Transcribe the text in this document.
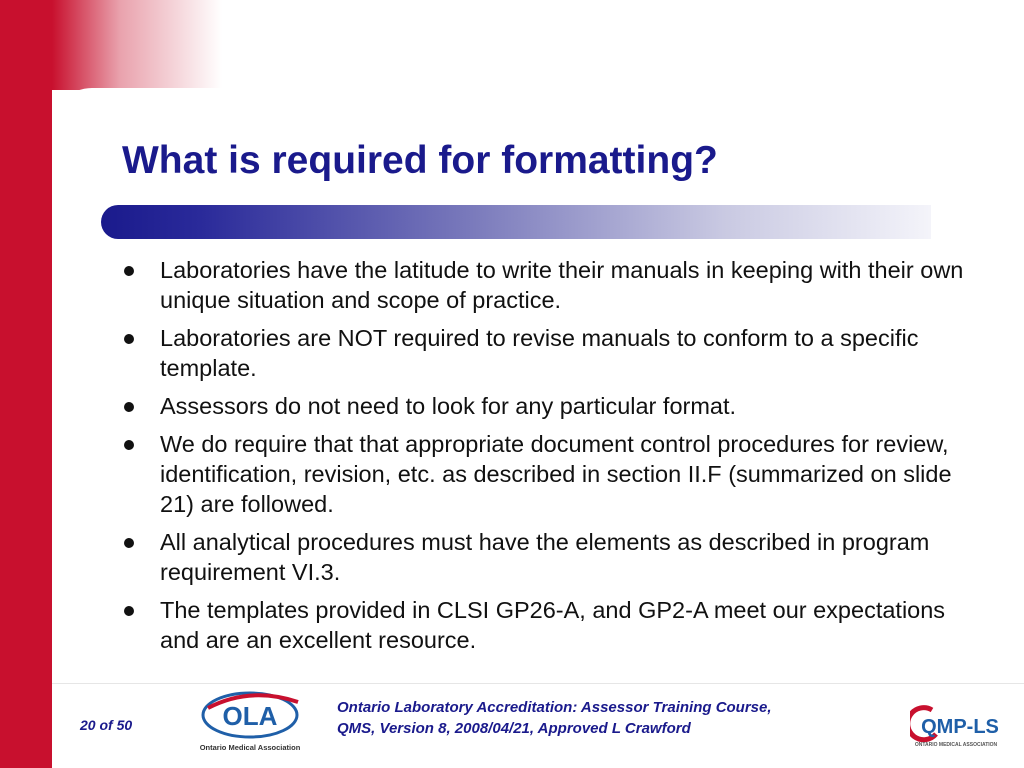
What is required for formatting?
Laboratories have the latitude to write their manuals in keeping with their own unique situation and scope of practice.
Laboratories are NOT required to revise manuals to conform to a specific template.
Assessors do not need to look for any particular format.
We do require that that appropriate document control procedures for review, identification, revision, etc. as described in section II.F (summarized on slide 21) are followed.
All analytical procedures must have the elements as described in program requirement VI.3.
The templates provided in CLSI GP26-A, and GP2-A meet our expectations and are an excellent resource.
20 of 50	OLA
Ontario Medical Association
Ontario Laboratory Accreditation: Assessor Training Course,
QMS, Version 8, 2008/04/21, Approved L Crawford	QMP-LS
ONTARIO MEDICAL ASSOCIATION
